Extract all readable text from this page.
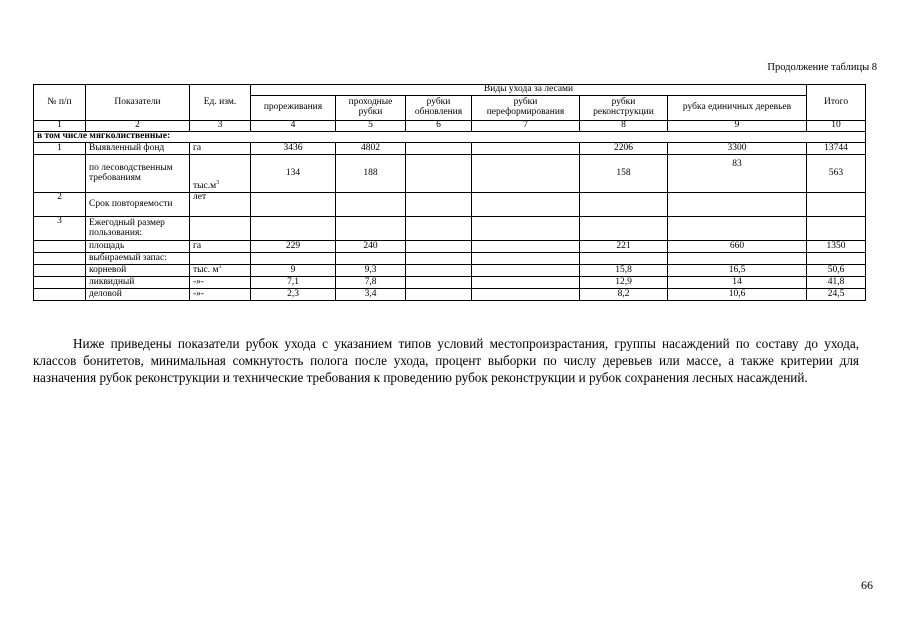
Продолжение таблицы 8
№ п/п	Показатели	Ед. изм.	Виды ухода за лесами						Итого
			прореживания	проходные рубки	рубки обновления	рубки переформирования	рубки реконструкции	рубка единичных деревьев	
1	2	3	4	5	6	7	8	9	10
в том числе мягколиственные:									
1	Выявленный фонд	га	3436	4802			2206	3300	13744
	по лесоводственным требованиям	$тыс.м^3$	134	188			158	83	563
2	Срок повторяемости	лет							
3	Ежегодный размер пользования:								
	площадь	га	229	240			221	660	1350
	выбираемый запас:								
	корневой	тыс. $м^3$	9	9,3			15,8	16,5	50,6
	ликвидный	-»-	7,1	7,8			12,9	14	41,8
	деловой	-»-	2,3	3,4			8,2	10,6	24,5

Ниже приведены показатели рубок ухода с указанием типов условий местопроизрастания, группы насаждений по составу до ухода, классов бонитетов, минимальная сомкнутость полога после ухода, процент выборки по числу деревьев или массе, а также критерии для назначения рубок реконструкции и технические требования к проведению рубок реконструкции и рубок сохранения лесных насаждений.

66
